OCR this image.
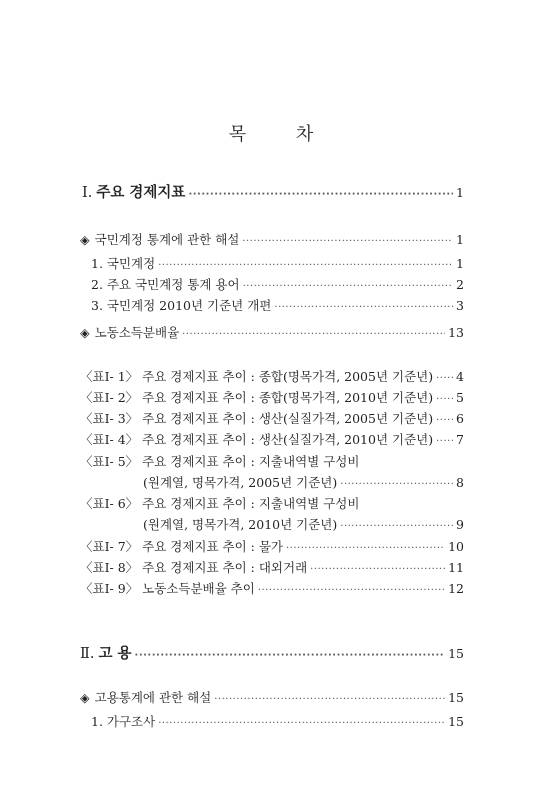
목 차
Ⅰ. 주요 경제지표 ·····	1
◈ 국민계정 통계에 관한 해설 ·····	1
1. 국민계정 ·····	1
2. 주요 국민계정 통계 용어 ·····	2
3. 국민계정 2010년 기준년 개편 ·····	3
◈ 노동소득분배율 ·····	13
〈표Ⅰ- 1〉 주요 경제지표 추이 : 종합(명목가격, 2005년 기준년) ····· 4
〈표Ⅰ- 2〉 주요 경제지표 추이 : 종합(명목가격, 2010년 기준년) ····· 5
〈표Ⅰ- 3〉 주요 경제지표 추이 : 생산(실질가격, 2005년 기준년) ····· 6
〈표Ⅰ- 4〉 주요 경제지표 추이 : 생산(실질가격, 2010년 기준년) ····· 7
〈표Ⅰ- 5〉 주요 경제지표 추이 : 지출내역별 구성비
(원계열, 명목가격, 2005년 기준년) ·····	8
〈표Ⅰ- 6〉 주요 경제지표 추이 : 지출내역별 구성비
(원계열, 명목가격, 2010년 기준년) ·····	9
〈표Ⅰ- 7〉 주요 경제지표 추이 : 물가 ·····	10
〈표Ⅰ- 8〉 주요 경제지표 추이 : 대외거래 ·····	11
〈표Ⅰ- 9〉 노동소득분배율 추이 ·····	12
Ⅱ. 고 용 ·····	15
◈ 고용통계에 관한 해설 ·····	15
1. 가구조사 ·····	15
